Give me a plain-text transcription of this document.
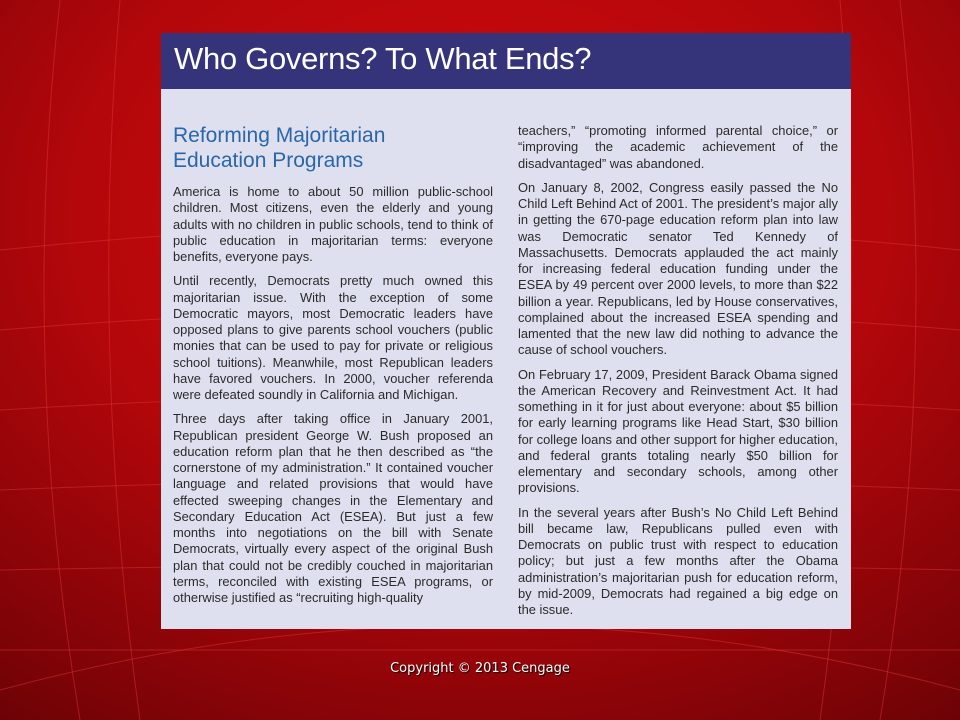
Who Governs? To What Ends?
Reforming Majoritarian
Education Programs

America is home to about 50 million public-school children. Most citizens, even the elderly and young adults with no children in public schools, tend to think of public education in majoritarian terms: everyone benefits, everyone pays.

Until recently, Democrats pretty much owned this majoritarian issue. With the exception of some Democratic mayors, most Democratic leaders have opposed plans to give parents school vouchers (public monies that can be used to pay for private or religious school tuitions). Meanwhile, most Republican leaders have favored vouchers. In 2000, voucher referenda were defeated soundly in California and Michigan.

Three days after taking office in January 2001, Republican president George W. Bush proposed an education reform plan that he then described as “the cornerstone of my administration.” It contained voucher language and related provisions that would have effected sweeping changes in the Elementary and Secondary Education Act (ESEA). But just a few months into negotiations on the bill with Senate Democrats, virtually every aspect of the original Bush plan that could not be credibly couched in majoritarian terms, reconciled with existing ESEA programs, or otherwise justified as “recruiting high-quality

teachers,” “promoting informed parental choice,” or “improving the academic achievement of the disadvantaged” was abandoned.

On January 8, 2002, Congress easily passed the No Child Left Behind Act of 2001. The president’s major ally in getting the 670-page education reform plan into law was Democratic senator Ted Kennedy of Massachusetts. Democrats applauded the act mainly for increasing federal education funding under the ESEA by 49 percent over 2000 levels, to more than $22 billion a year. Republicans, led by House conservatives, complained about the increased ESEA spending and lamented that the new law did nothing to advance the cause of school vouchers.

On February 17, 2009, President Barack Obama signed the American Recovery and Reinvestment Act. It had something in it for just about everyone: about $5 billion for early learning programs like Head Start, $30 billion for college loans and other support for higher education, and federal grants totaling nearly $50 billion for elementary and secondary schools, among other provisions.

In the several years after Bush’s No Child Left Behind bill became law, Republicans pulled even with Democrats on public trust with respect to education policy; but just a few months after the Obama administration’s majoritarian push for education reform, by mid-2009, Democrats had regained a big edge on the issue.

Copyright © 2013 Cengage
